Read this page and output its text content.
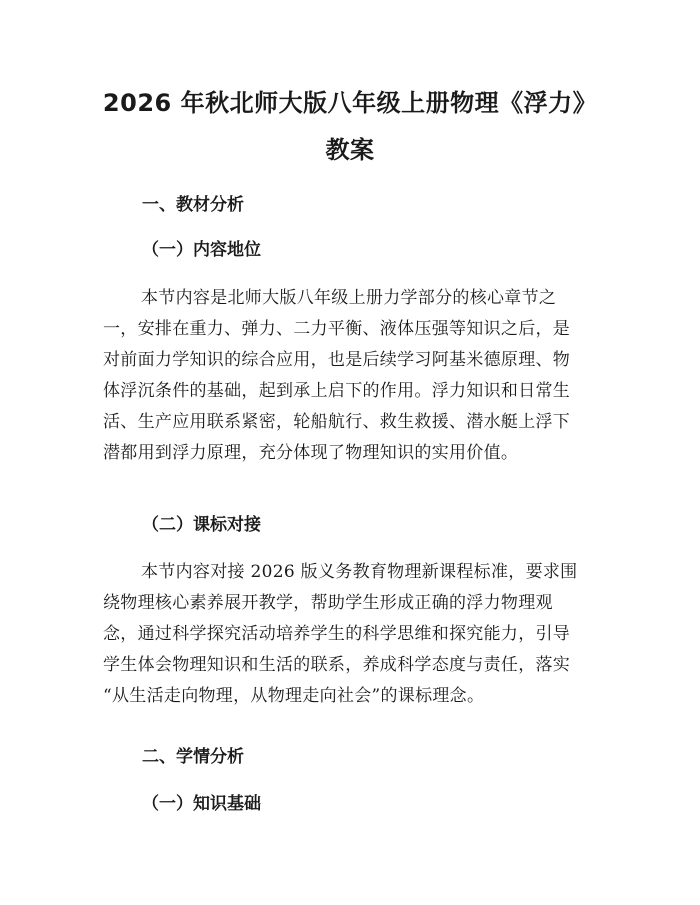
2026 年秋北师大版八年级上册物理《浮力》
教案
一、教材分析
（一）内容地位
本节内容是北师大版八年级上册力学部分的核心章节之
一，安排在重力、弹力、二力平衡、液体压强等知识之后，是
对前面力学知识的综合应用，也是后续学习阿基米德原理、物
体浮沉条件的基础，起到承上启下的作用。浮力知识和日常生
活、生产应用联系紧密，轮船航行、救生救援、潜水艇上浮下
潜都用到浮力原理，充分体现了物理知识的实用价值。
（二）课标对接
本节内容对接 2026 版义务教育物理新课程标准，要求围
绕物理核心素养展开教学，帮助学生形成正确的浮力物理观
念，通过科学探究活动培养学生的科学思维和探究能力，引导
学生体会物理知识和生活的联系，养成科学态度与责任，落实
“从生活走向物理，从物理走向社会”的课标理念。
二、学情分析
（一）知识基础
